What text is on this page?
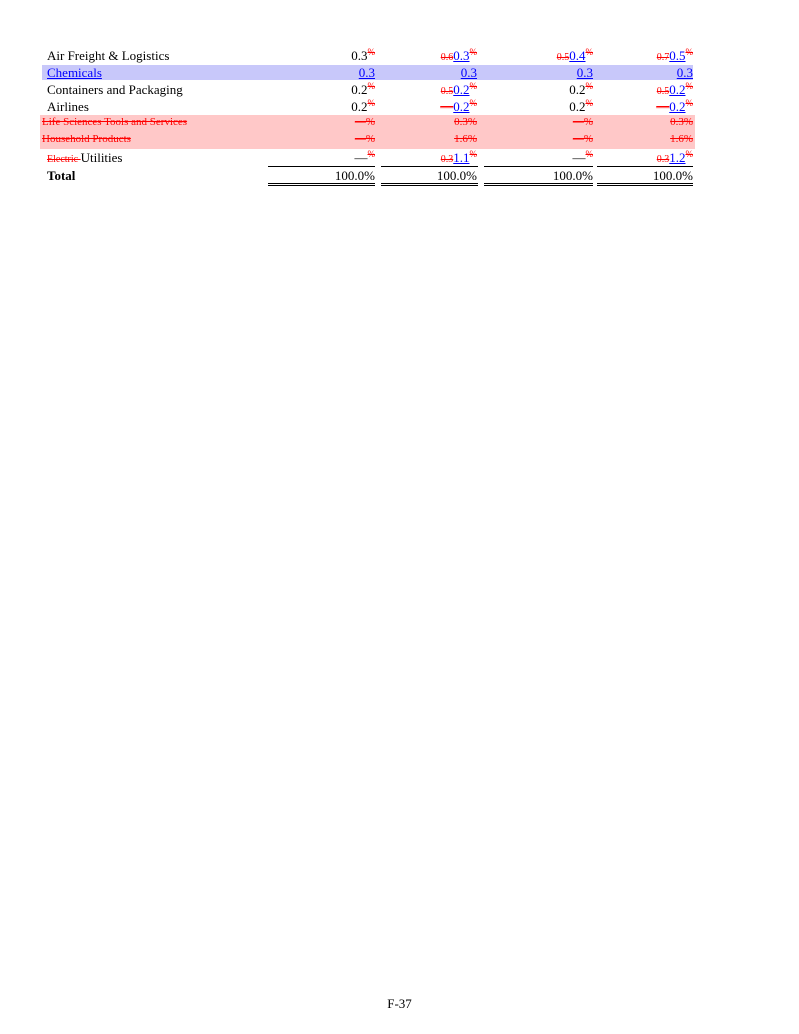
Air Freight & Logistics	0.3%	0.60.3%	0.50.4%	0.70.5%
Chemicals	0.3	0.3	0.3	0.3
Containers and Packaging	0.2%	0.50.2%	0.2%	0.50.2%
Airlines	0.2%	—0.2%	0.2%	—0.2%
Life Sciences Tools and Services	—%	0.3%	—%	0.3%
Household Products	—%	1.6%	—%	1.6%
Electric Utilities	—%	0.31.1%	—%	0.31.2%
Total	100.0%	100.0%	100.0%	100.0%
F-37
